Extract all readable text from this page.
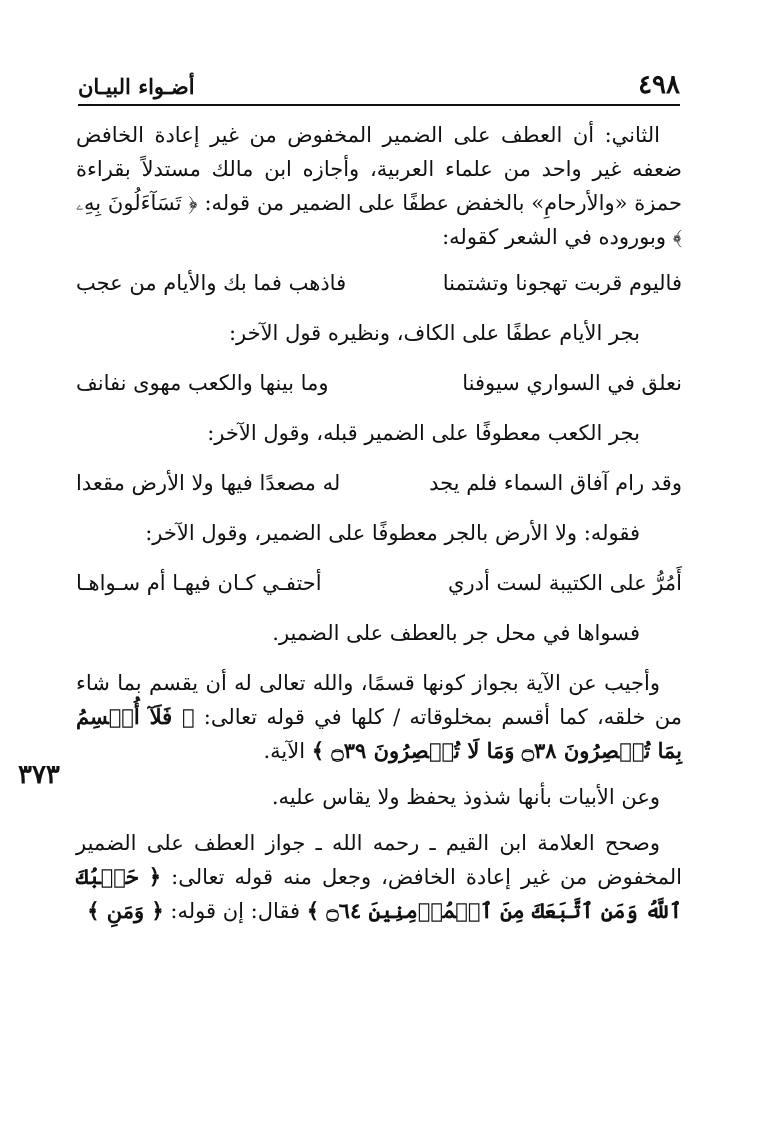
٤٩٨
أضـواء البيـان
٣٧٣

الثاني: أن العطف على الضمير المخفوض من غير إعادة الخافض ضعفه غير واحد من علماء العربية، وأجازه ابن مالك مستدلاً بقراءة حمزة «والأرحامِ» بالخفض عطفًا على الضمير من قوله: ﴿ تَسَآءَلُونَ بِهِۦ ﴾ وبوروده في الشعر كقوله:

فاليوم قربت تهجونا وتشتمنا
فاذهب فما بك والأيام من عجب

بجر الأيام عطفًا على الكاف، ونظيره قول الآخر:

نعلق في السواري سيوفنا
وما بينها والكعب مهوى نفانف

بجر الكعب معطوفًا على الضمير قبله، وقول الآخر:

وقد رام آفاق السماء فلم يجد
له مصعدًا فيها ولا الأرض مقعدا

فقوله: ولا الأرض بالجر معطوفًا على الضمير، وقول الآخر:

أَمُرُّ على الكتيبة لست أدري
أحتفـي كـان فيهـا أم سـواهـا

فسواها في محل جر بالعطف على الضمير.

وأجيب عن الآية بجواز كونها قسمًا، والله تعالى له أن يقسم بما شاء من خلقه، كما أقسم بمخلوقاته / كلها في قوله تعالى: ﴿ فَلَآ أُقۡسِمُ بِمَا تُبۡصِرُونَ ۝٣٨ وَمَا لَا تُبۡصِرُونَ ۝٣٩ ﴾ الآية.

وعن الأبيات بأنها شذوذ يحفظ ولا يقاس عليه.

وصحح العلامة ابن القيم ـ رحمه الله ـ جواز العطف على الضمير المخفوض من غير إعادة الخافض، وجعل منه قوله تعالى: ﴿ حَسۡبُكَ ٱللَّهُ وَمَنِ ٱتَّبَعَكَ مِنَ ٱلۡمُؤۡمِنِينَ ۝٦٤ ﴾ فقال: إن قوله: ﴿ وَمَنِ ﴾
